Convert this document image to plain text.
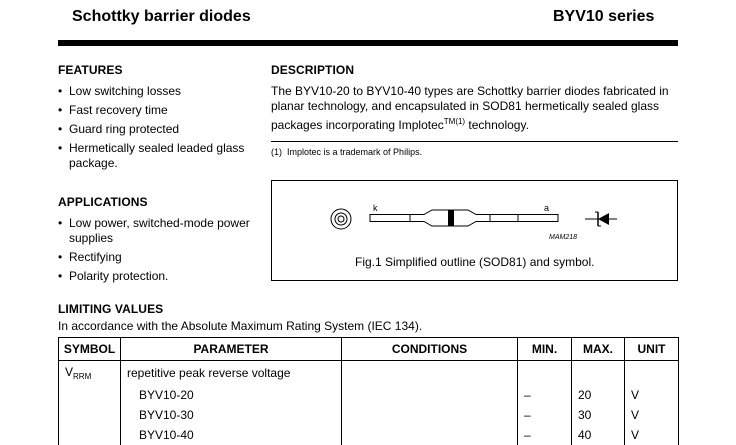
Schottky barrier diodes	BYV10 series
FEATURES
• Low switching losses
• Fast recovery time
• Guard ring protected
• Hermetically sealed leaded glass package.
APPLICATIONS
• Low power, switched-mode power supplies
• Rectifying
• Polarity protection.
DESCRIPTION
The BYV10-20 to BYV10-40 types are Schottky barrier diodes fabricated in planar technology, and encapsulated in SOD81 hermetically sealed glass packages incorporating Implotec$^{TM(1)}$ technology.
(1) Implotec is a trademark of Philips.
k	a
MAM218
Fig.1 Simplified outline (SOD81) and symbol.
LIMITING VALUES
In accordance with the Absolute Maximum Rating System (IEC 134).
SYMBOL	PARAMETER	CONDITIONS	MIN.	MAX.	UNIT
$V_{RRM}$	repetitive peak reverse voltage				
	BYV10-20		–	20	V
	BYV10-30		–	30	V
	BYV10-40		–	40	V
